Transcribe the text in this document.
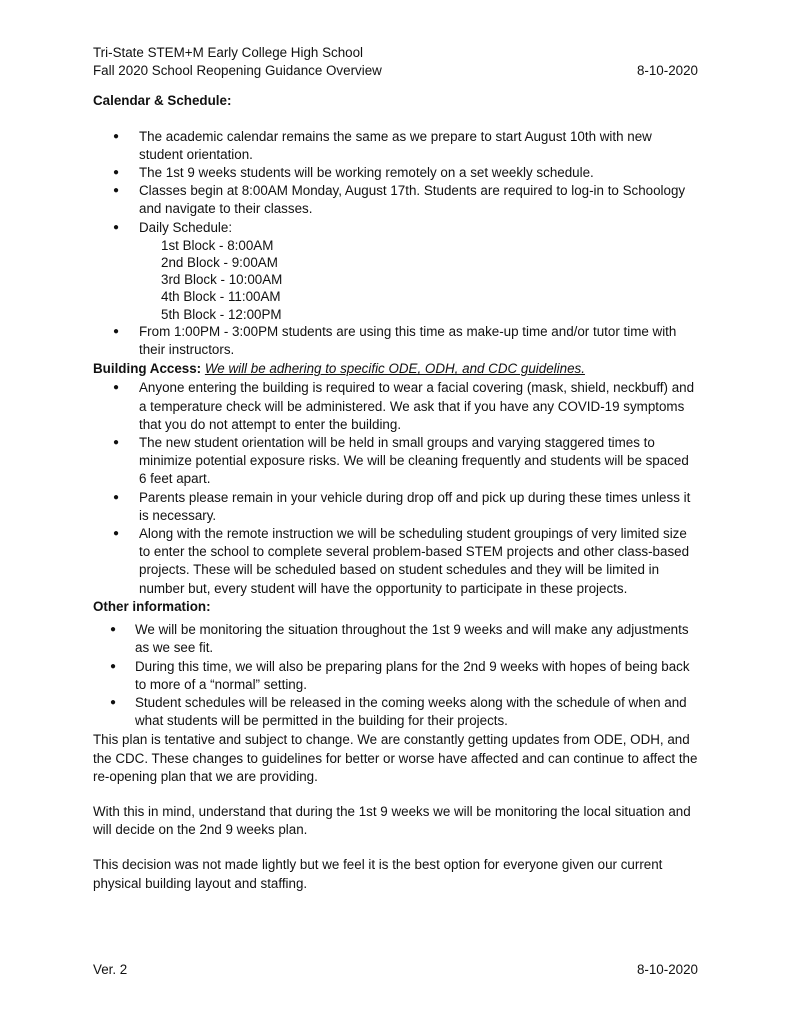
Tri-State STEM+M Early College High School
Fall 2020 School Reopening Guidance Overview	8-10-2020
Calendar & Schedule:
● The academic calendar remains the same as we prepare to start August 10th with new student orientation.
● The 1st 9 weeks students will be working remotely on a set weekly schedule.
● Classes begin at 8:00AM Monday, August 17th. Students are required to log-in to Schoology and navigate to their classes.
● Daily Schedule:
1st Block - 8:00AM
2nd Block - 9:00AM
3rd Block - 10:00AM
4th Block - 11:00AM
5th Block - 12:00PM
● From 1:00PM - 3:00PM students are using this time as make-up time and/or tutor time with their instructors.
Building Access: We will be adhering to specific ODE, ODH, and CDC guidelines.
● Anyone entering the building is required to wear a facial covering (mask, shield, neckbuff) and a temperature check will be administered. We ask that if you have any COVID-19 symptoms that you do not attempt to enter the building.
● The new student orientation will be held in small groups and varying staggered times to minimize potential exposure risks. We will be cleaning frequently and students will be spaced 6 feet apart.
● Parents please remain in your vehicle during drop off and pick up during these times unless it is necessary.
● Along with the remote instruction we will be scheduling student groupings of very limited size to enter the school to complete several problem-based STEM projects and other class-based projects. These will be scheduled based on student schedules and they will be limited in number but, every student will have the opportunity to participate in these projects.
Other information:
● We will be monitoring the situation throughout the 1st 9 weeks and will make any adjustments as we see fit.
● During this time, we will also be preparing plans for the 2nd 9 weeks with hopes of being back to more of a “normal” setting.
● Student schedules will be released in the coming weeks along with the schedule of when and what students will be permitted in the building for their projects.

This plan is tentative and subject to change. We are constantly getting updates from ODE, ODH, and the CDC. These changes to guidelines for better or worse have affected and can continue to affect the re-opening plan that we are providing.

With this in mind, understand that during the 1st 9 weeks we will be monitoring the local situation and will decide on the 2nd 9 weeks plan.

This decision was not made lightly but we feel it is the best option for everyone given our current physical building layout and staffing.

Ver. 2	8-10-2020
